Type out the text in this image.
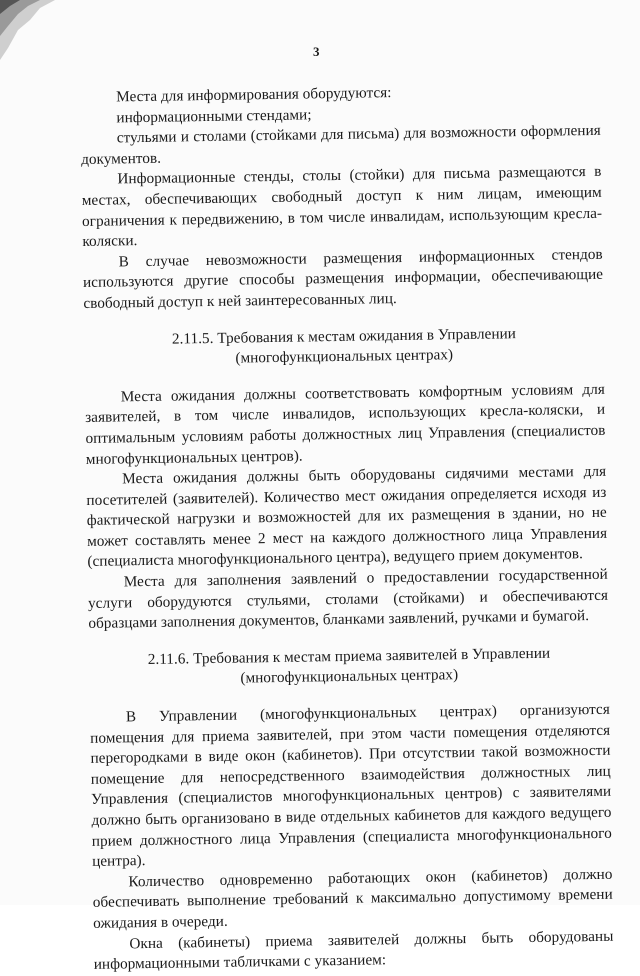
3

Места для информирования оборудуются:

информационными стендами;

стульями и столами (стойками для письма) для возможности оформления документов.

Информационные стенды, столы (стойки) для письма размещаются в местах, обеспечивающих свободный доступ к ним лицам, имеющим ограничения к передвижению, в том числе инвалидам, использующим кресла-коляски.

В случае невозможности размещения информационных стендов используются другие способы размещения информации, обеспечивающие свободный доступ к ней заинтересованных лиц.

2.11.5. Требования к местам ожидания в Управлении
(многофункциональных центрах)

Места ожидания должны соответствовать комфортным условиям для заявителей, в том числе инвалидов, использующих кресла-коляски, и оптимальным условиям работы должностных лиц Управления (специалистов многофункциональных центров).

Места ожидания должны быть оборудованы сидячими местами для посетителей (заявителей). Количество мест ожидания определяется исходя из фактической нагрузки и возможностей для их размещения в здании, но не может составлять менее 2 мест на каждого должностного лица Управления (специалиста многофункционального центра), ведущего прием документов.

Места для заполнения заявлений о предоставлении государственной услуги оборудуются стульями, столами (стойками) и обеспечиваются образцами заполнения документов, бланками заявлений, ручками и бумагой.

2.11.6. Требования к местам приема заявителей в Управлении
(многофункциональных центрах)

В Управлении (многофункциональных центрах) организуются помещения для приема заявителей, при этом части помещения отделяются перегородками в виде окон (кабинетов). При отсутствии такой возможности помещение для непосредственного взаимодействия должностных лиц Управления (специалистов многофункциональных центров) с заявителями должно быть организовано в виде отдельных кабинетов для каждого ведущего прием должностного лица Управления (специалиста многофункционального центра).

Количество одновременно работающих окон (кабинетов) должно обеспечивать выполнение требований к максимально допустимому времени ожидания в очереди.

Окна (кабинеты) приема заявителей должны быть оборудованы информационными табличками с указанием:
